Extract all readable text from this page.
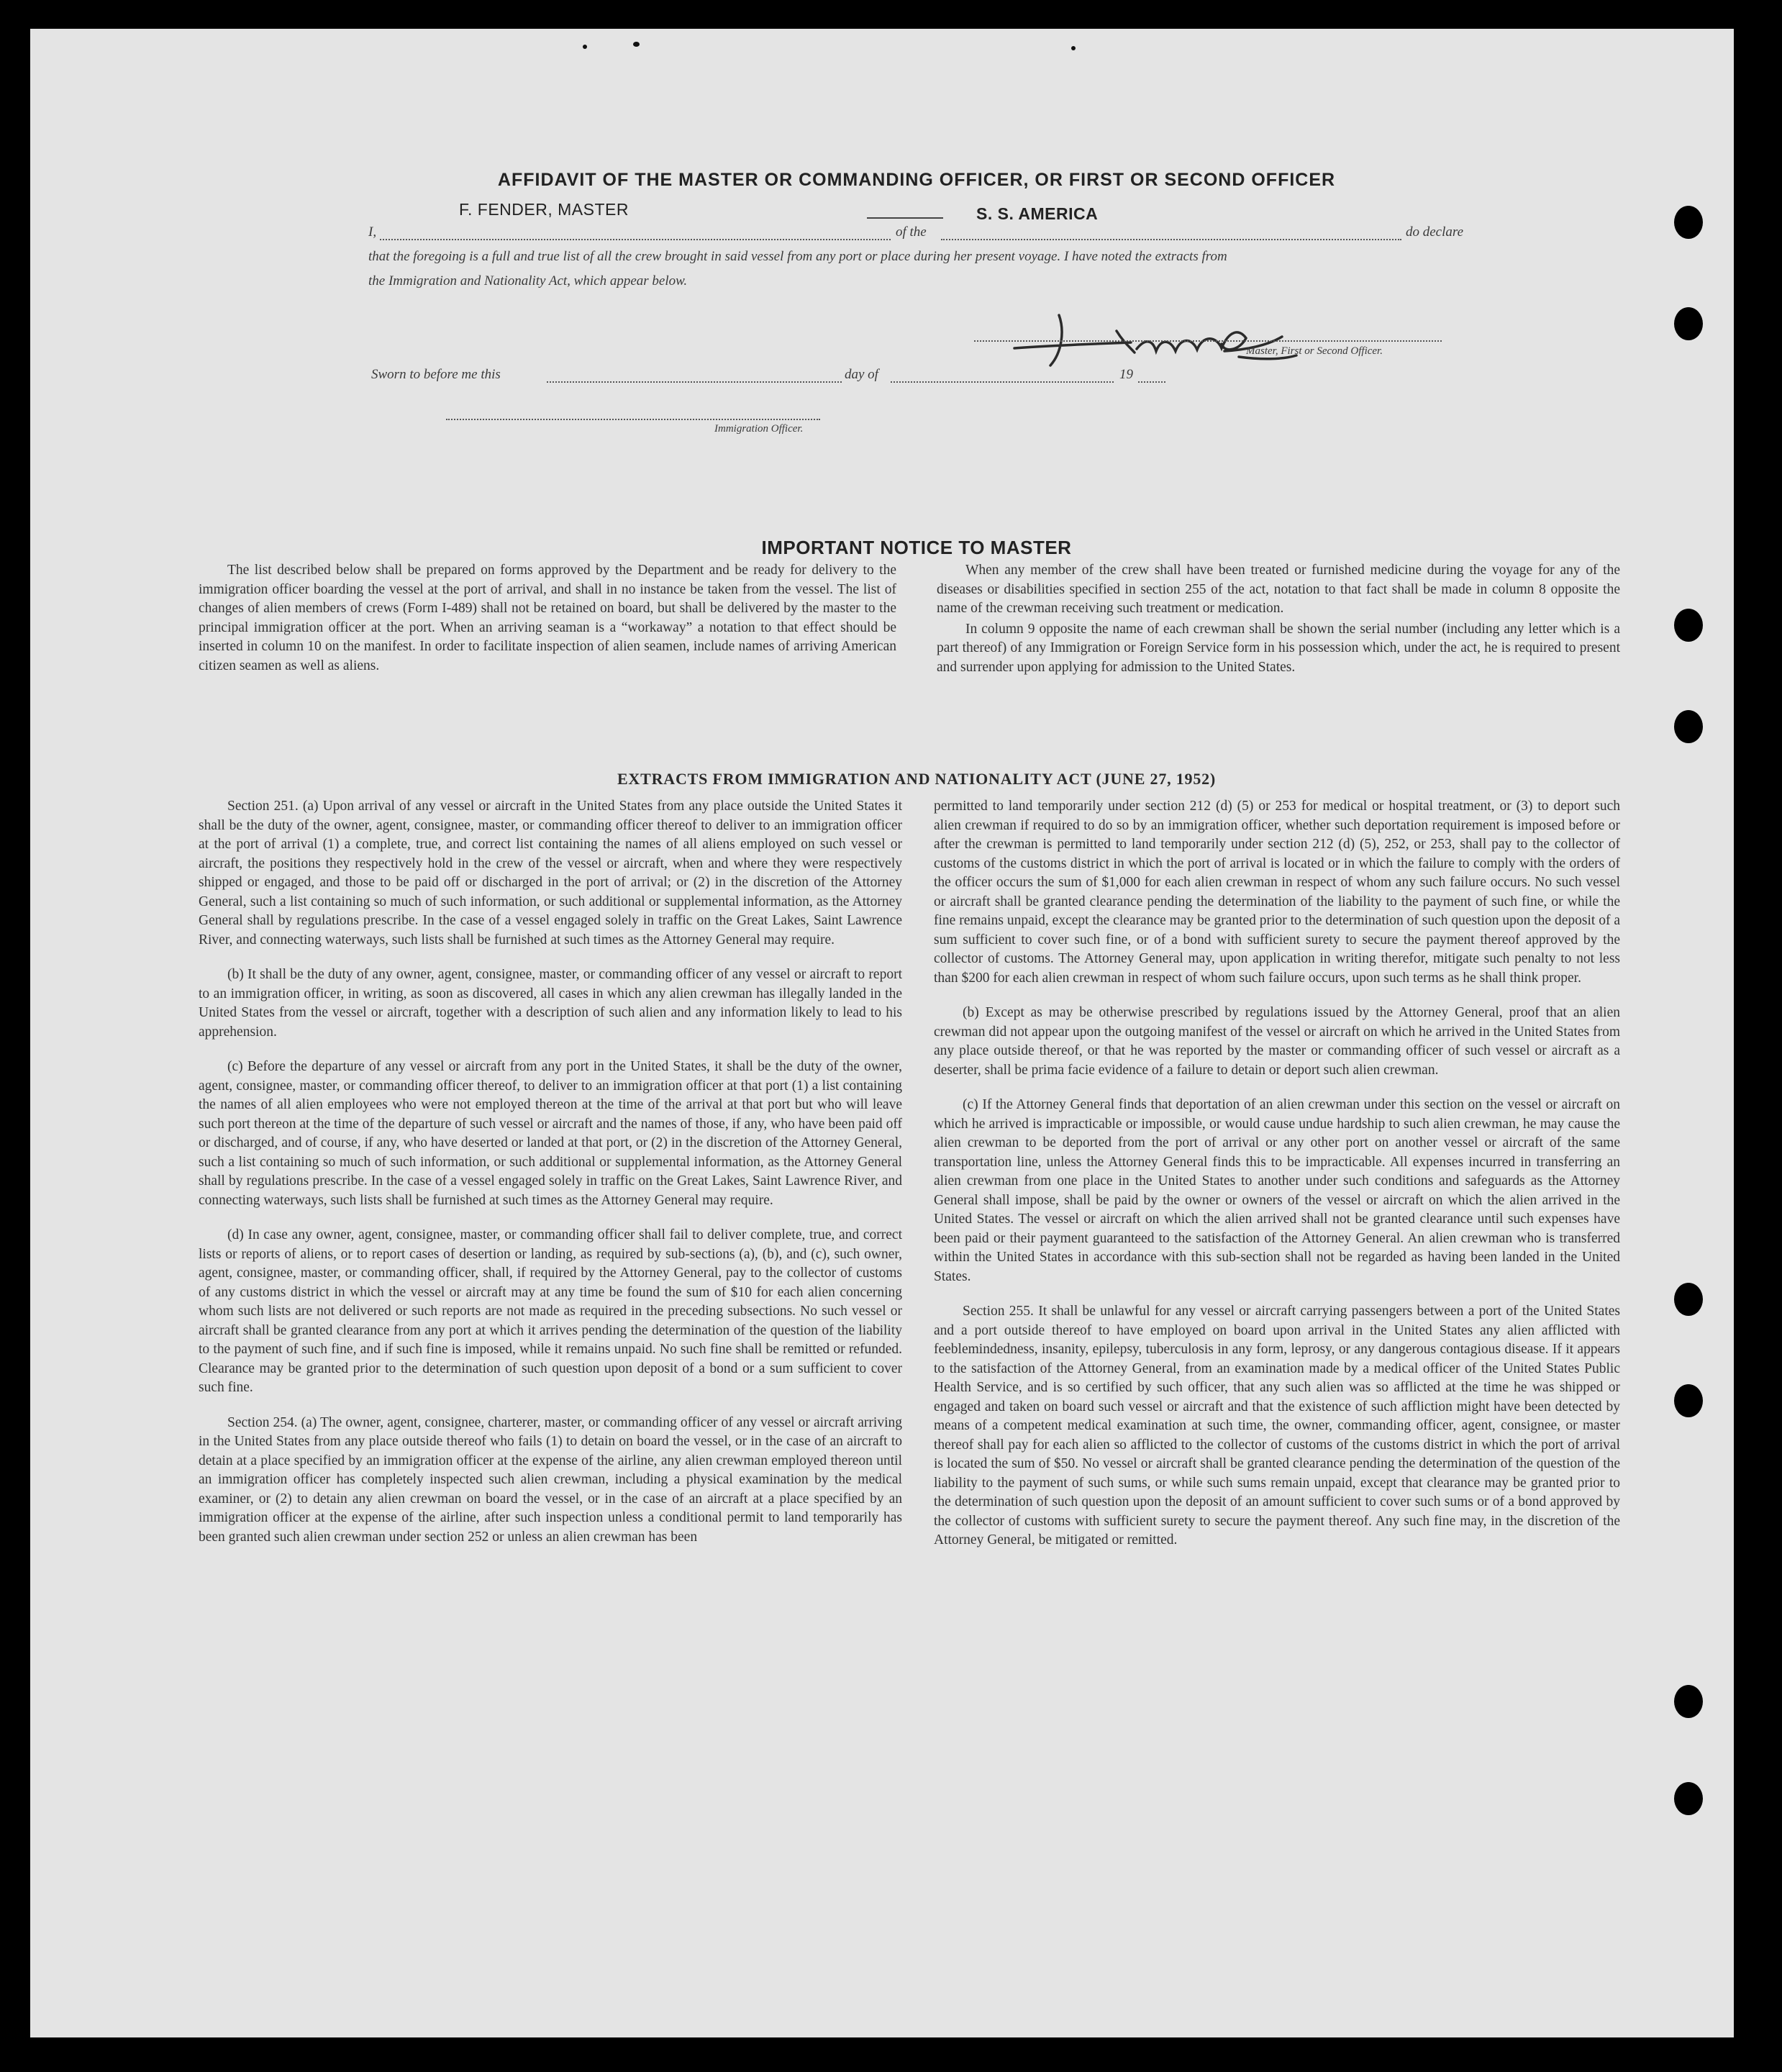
AFFIDAVIT OF THE MASTER OR COMMANDING OFFICER, OR FIRST OR SECOND OFFICER
F. FENDER, MASTER	S. S. AMERICA
I,	of the	do declare
that the foregoing is a full and true list of all the crew brought in said vessel from any port or place during her present voyage. I have noted the extracts from
the Immigration and Nationality Act, which appear below.
Master, First or Second Officer.
Sworn to before me this	day of	19
Immigration Officer.
IMPORTANT NOTICE TO MASTER

The list described below shall be prepared on forms approved by the Department and be ready for delivery to the immigration officer boarding the vessel at the port of arrival, and shall in no instance be taken from the vessel. The list of changes of alien members of crews (Form I-489) shall not be retained on board, but shall be delivered by the master to the principal immigration officer at the port. When an arriving seaman is a “workaway” a notation to that effect should be inserted in column 10 on the manifest. In order to facilitate inspection of alien seamen, include names of arriving American citizen seamen as well as aliens.

When any member of the crew shall have been treated or furnished medicine during the voyage for any of the diseases or disabilities specified in section 255 of the act, notation to that fact shall be made in column 8 opposite the name of the crewman receiving such treatment or medication.

In column 9 opposite the name of each crewman shall be shown the serial number (including any letter which is a part thereof) of any Immigration or Foreign Service form in his possession which, under the act, he is required to present and surrender upon applying for admission to the United States.

EXTRACTS FROM IMMIGRATION AND NATIONALITY ACT (JUNE 27, 1952)

Section 251. (a) Upon arrival of any vessel or aircraft in the United States from any place outside the United States it shall be the duty of the owner, agent, consignee, master, or commanding officer thereof to deliver to an immigration officer at the port of arrival (1) a complete, true, and correct list containing the names of all aliens employed on such vessel or aircraft, the positions they respectively hold in the crew of the vessel or aircraft, when and where they were respectively shipped or engaged, and those to be paid off or discharged in the port of arrival; or (2) in the discretion of the Attorney General, such a list containing so much of such information, or such additional or supplemental information, as the Attorney General shall by regulations prescribe. In the case of a vessel engaged solely in traffic on the Great Lakes, Saint Lawrence River, and connecting waterways, such lists shall be furnished at such times as the Attorney General may require.

(b) It shall be the duty of any owner, agent, consignee, master, or commanding officer of any vessel or aircraft to report to an immigration officer, in writing, as soon as discovered, all cases in which any alien crewman has illegally landed in the United States from the vessel or aircraft, together with a description of such alien and any information likely to lead to his apprehension.

(c) Before the departure of any vessel or aircraft from any port in the United States, it shall be the duty of the owner, agent, consignee, master, or commanding officer thereof, to deliver to an immigration officer at that port (1) a list containing the names of all alien employees who were not employed thereon at the time of the arrival at that port but who will leave such port thereon at the time of the departure of such vessel or aircraft and the names of those, if any, who have been paid off or discharged, and of course, if any, who have deserted or landed at that port, or (2) in the discretion of the Attorney General, such a list containing so much of such information, or such additional or supplemental information, as the Attorney General shall by regulations prescribe. In the case of a vessel engaged solely in traffic on the Great Lakes, Saint Lawrence River, and connecting waterways, such lists shall be furnished at such times as the Attorney General may require.

(d) In case any owner, agent, consignee, master, or commanding officer shall fail to deliver complete, true, and correct lists or reports of aliens, or to report cases of desertion or landing, as required by sub-sections (a), (b), and (c), such owner, agent, consignee, master, or commanding officer, shall, if required by the Attorney General, pay to the collector of customs of any customs district in which the vessel or aircraft may at any time be found the sum of $10 for each alien concerning whom such lists are not delivered or such reports are not made as required in the preceding subsections. No such vessel or aircraft shall be granted clearance from any port at which it arrives pending the determination of the question of the liability to the payment of such fine, and if such fine is imposed, while it remains unpaid. No such fine shall be remitted or refunded. Clearance may be granted prior to the determination of such question upon deposit of a bond or a sum sufficient to cover such fine.

Section 254. (a) The owner, agent, consignee, charterer, master, or commanding officer of any vessel or aircraft arriving in the United States from any place outside thereof who fails (1) to detain on board the vessel, or in the case of an aircraft to detain at a place specified by an immigration officer at the expense of the airline, any alien crewman employed thereon until an immigration officer has completely inspected such alien crewman, including a physical examination by the medical examiner, or (2) to detain any alien crewman on board the vessel, or in the case of an aircraft at a place specified by an immigration officer at the expense of the airline, after such inspection unless a conditional permit to land temporarily has been granted such alien crewman under section 252 or unless an alien crewman has been

permitted to land temporarily under section 212 (d) (5) or 253 for medical or hospital treatment, or (3) to deport such alien crewman if required to do so by an immigration officer, whether such deportation requirement is imposed before or after the crewman is permitted to land temporarily under section 212 (d) (5), 252, or 253, shall pay to the collector of customs of the customs district in which the port of arrival is located or in which the failure to comply with the orders of the officer occurs the sum of $1,000 for each alien crewman in respect of whom any such failure occurs. No such vessel or aircraft shall be granted clearance pending the determination of the liability to the payment of such fine, or while the fine remains unpaid, except the clearance may be granted prior to the determination of such question upon the deposit of a sum sufficient to cover such fine, or of a bond with sufficient surety to secure the payment thereof approved by the collector of customs. The Attorney General may, upon application in writing therefor, mitigate such penalty to not less than $200 for each alien crewman in respect of whom such failure occurs, upon such terms as he shall think proper.

(b) Except as may be otherwise prescribed by regulations issued by the Attorney General, proof that an alien crewman did not appear upon the outgoing manifest of the vessel or aircraft on which he arrived in the United States from any place outside thereof, or that he was reported by the master or commanding officer of such vessel or aircraft as a deserter, shall be prima facie evidence of a failure to detain or deport such alien crewman.

(c) If the Attorney General finds that deportation of an alien crewman under this section on the vessel or aircraft on which he arrived is impracticable or impossible, or would cause undue hardship to such alien crewman, he may cause the alien crewman to be deported from the port of arrival or any other port on another vessel or aircraft of the same transportation line, unless the Attorney General finds this to be impracticable. All expenses incurred in transferring an alien crewman from one place in the United States to another under such conditions and safeguards as the Attorney General shall impose, shall be paid by the owner or owners of the vessel or aircraft on which the alien arrived in the United States. The vessel or aircraft on which the alien arrived shall not be granted clearance until such expenses have been paid or their payment guaranteed to the satisfaction of the Attorney General. An alien crewman who is transferred within the United States in accordance with this sub-section shall not be regarded as having been landed in the United States.

Section 255. It shall be unlawful for any vessel or aircraft carrying passengers between a port of the United States and a port outside thereof to have employed on board upon arrival in the United States any alien afflicted with feeblemindedness, insanity, epilepsy, tuberculosis in any form, leprosy, or any dangerous contagious disease. If it appears to the satisfaction of the Attorney General, from an examination made by a medical officer of the United States Public Health Service, and is so certified by such officer, that any such alien was so afflicted at the time he was shipped or engaged and taken on board such vessel or aircraft and that the existence of such affliction might have been detected by means of a competent medical examination at such time, the owner, commanding officer, agent, consignee, or master thereof shall pay for each alien so afflicted to the collector of customs of the customs district in which the port of arrival is located the sum of $50. No vessel or aircraft shall be granted clearance pending the determination of the question of the liability to the payment of such sums, or while such sums remain unpaid, except that clearance may be granted prior to the determination of such question upon the deposit of an amount sufficient to cover such sums or of a bond approved by the collector of customs with sufficient surety to secure the payment thereof. Any such fine may, in the discretion of the Attorney General, be mitigated or remitted.
